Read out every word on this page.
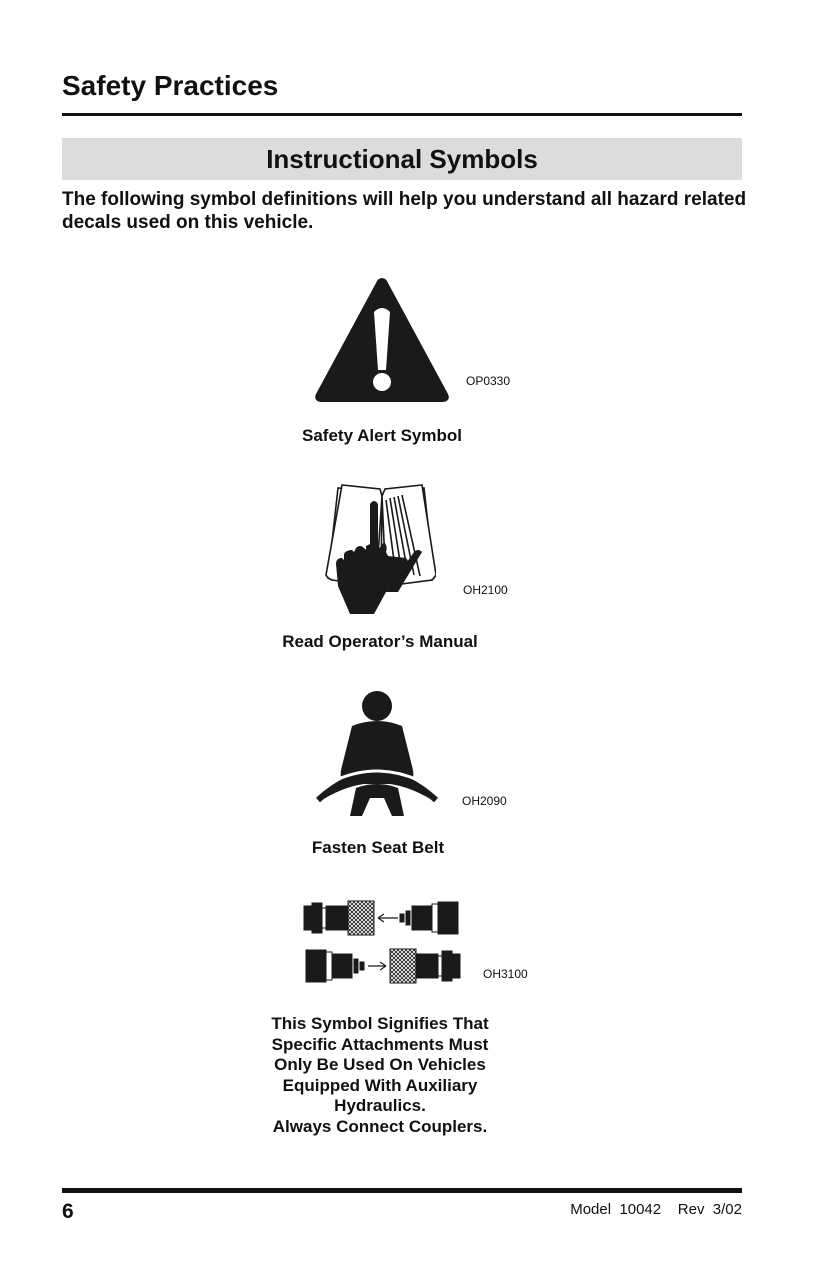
Safety Practices
Instructional Symbols
The following symbol definitions will help you understand all hazard related decals used on this vehicle.
OP0330
Safety Alert Symbol
OH2100
Read Operator’s Manual
OH2090
Fasten Seat Belt
OH3100
This Symbol Signifies That
Specific Attachments Must
Only Be Used On Vehicles
Equipped With Auxiliary
Hydraulics.
Always Connect Couplers.
6	Model  10042    Rev  3/02
